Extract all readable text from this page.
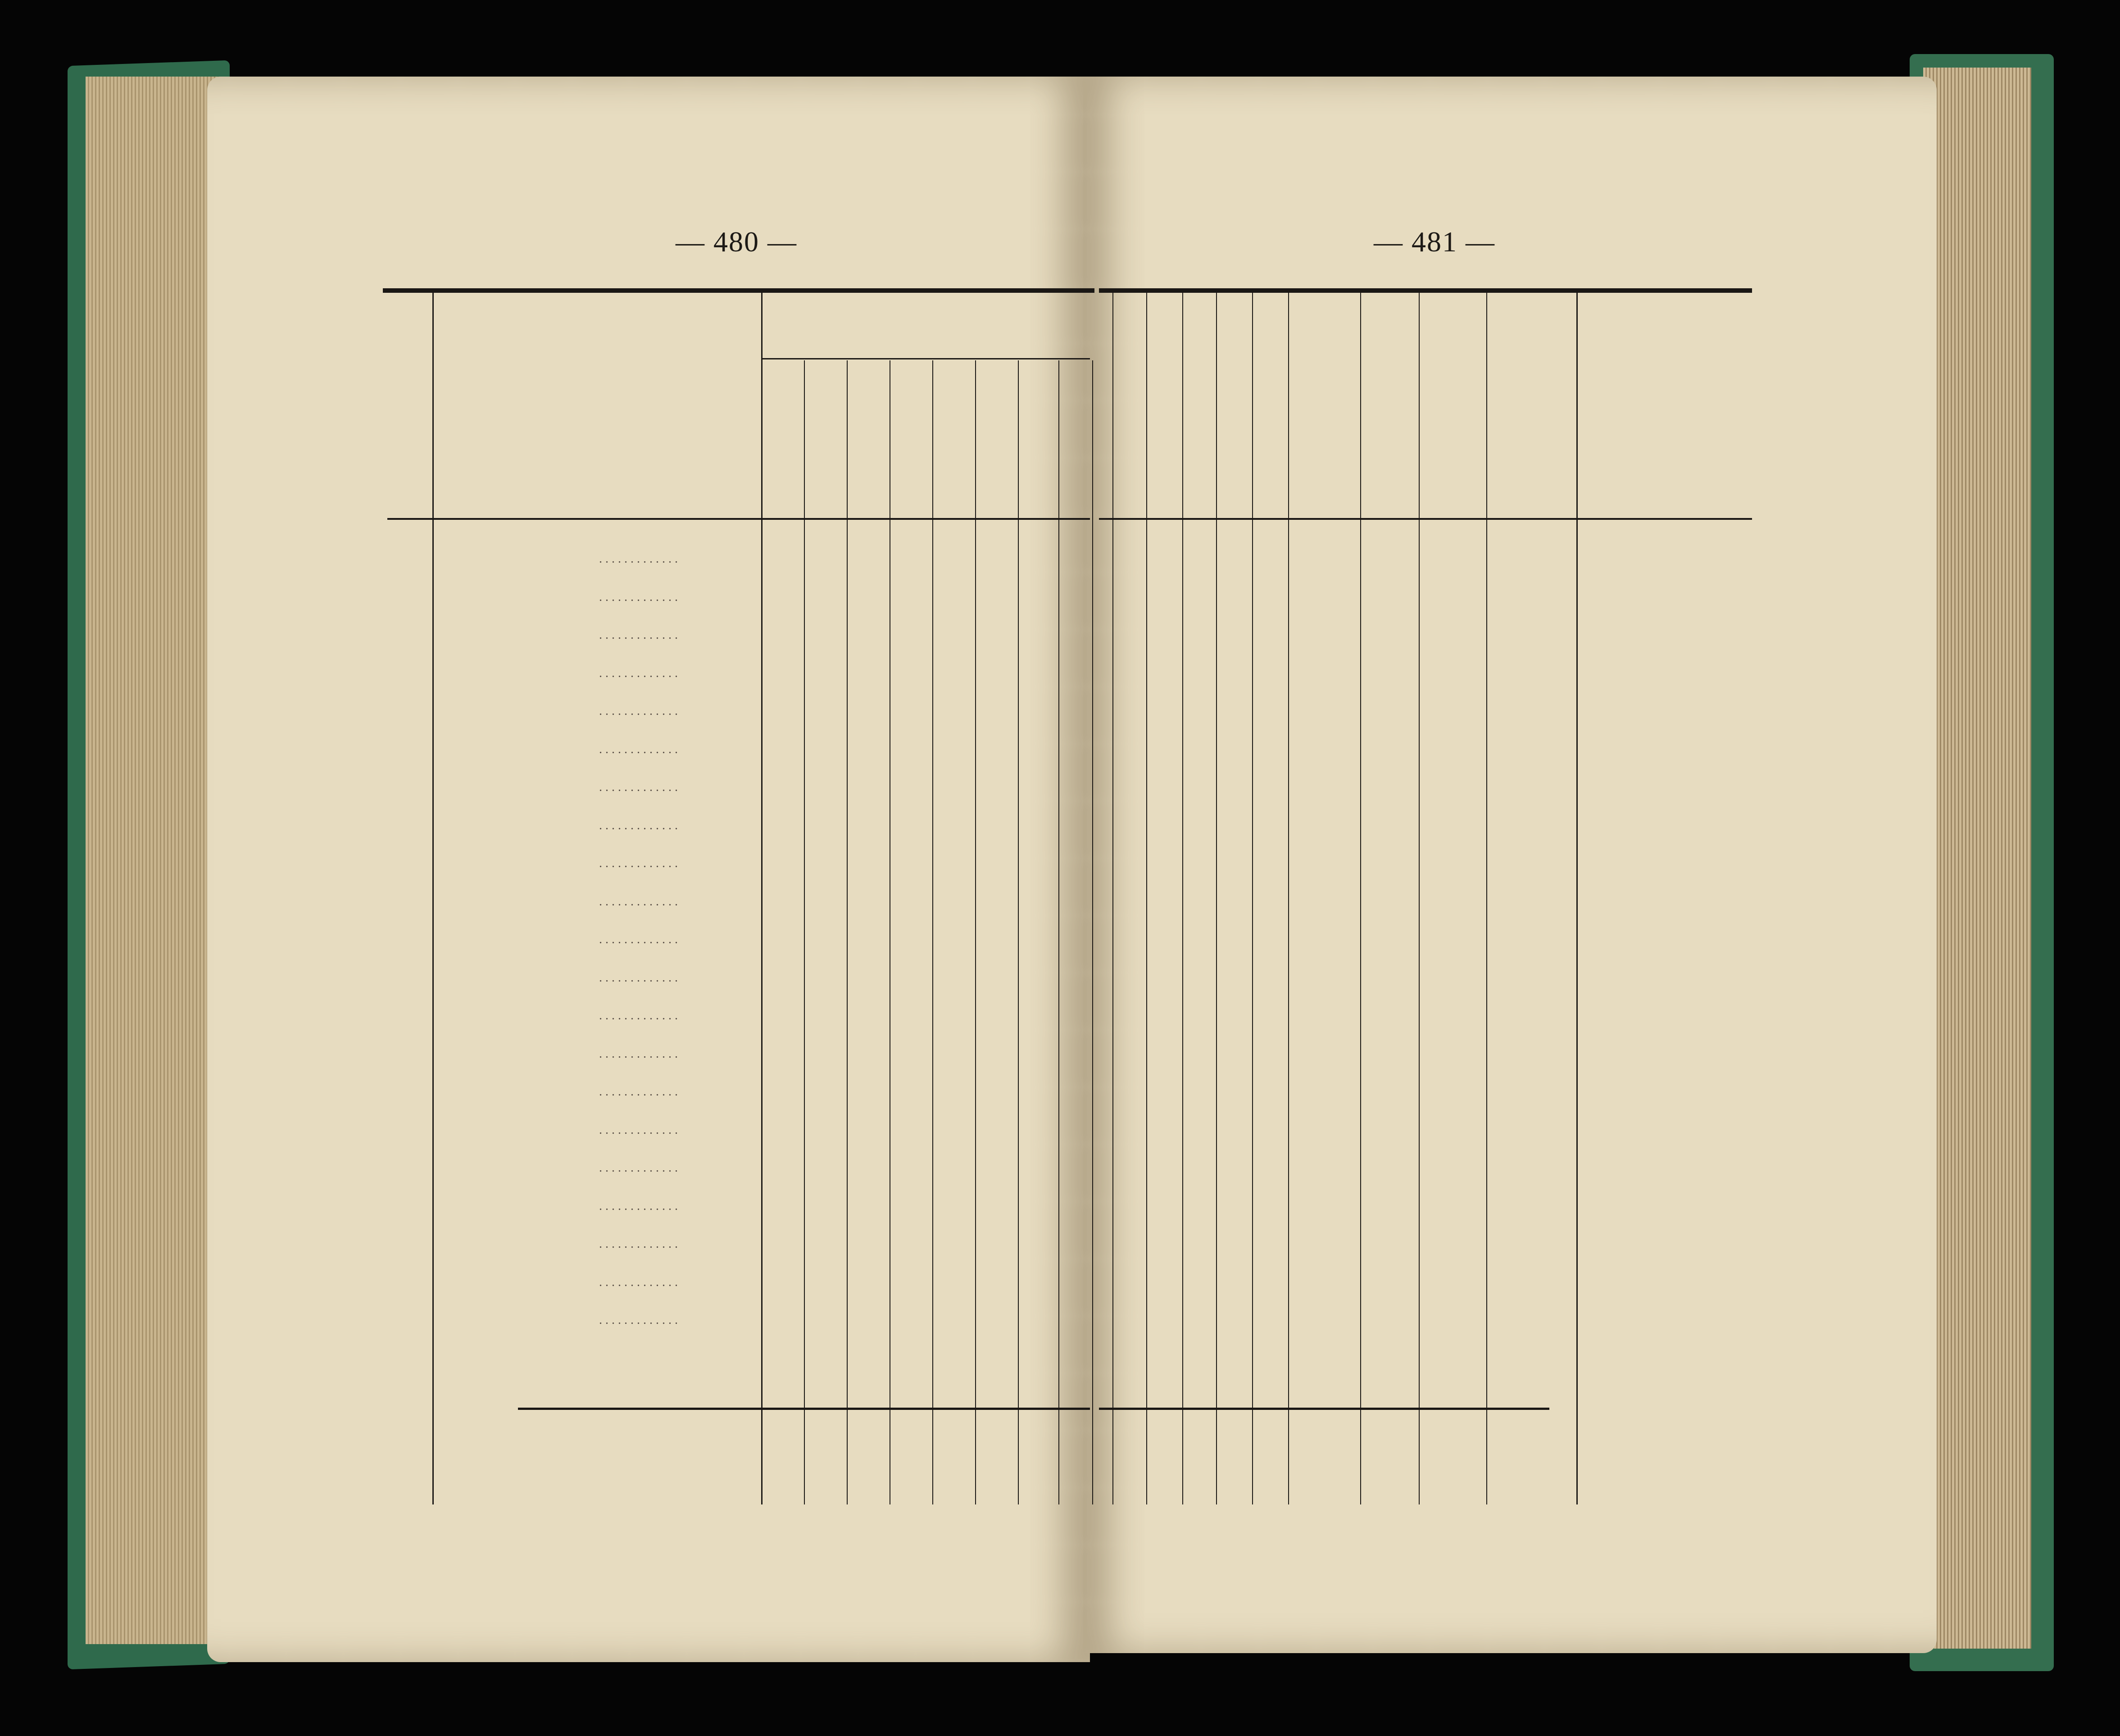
— 480 —	— 481 —
. . . . . . . . . . . . .
. . . . . . . . . . . . .
. . . . . . . . . . . . .
. . . . . . . . . . . . .
. . . . . . . . . . . . .
. . . . . . . . . . . . .
. . . . . . . . . . . . .
. . . . . . . . . . . . .
. . . . . . . . . . . . .
. . . . . . . . . . . . .
. . . . . . . . . . . . .
. . . . . . . . . . . . .
. . . . . . . . . . . . .
. . . . . . . . . . . . .
. . . . . . . . . . . . .
. . . . . . . . . . . . .
. . . . . . . . . . . . .
. . . . . . . . . . . . .
. . . . . . . . . . . . .
. . . . . . . . . . . . .
. . . . . . . . . . . . .
